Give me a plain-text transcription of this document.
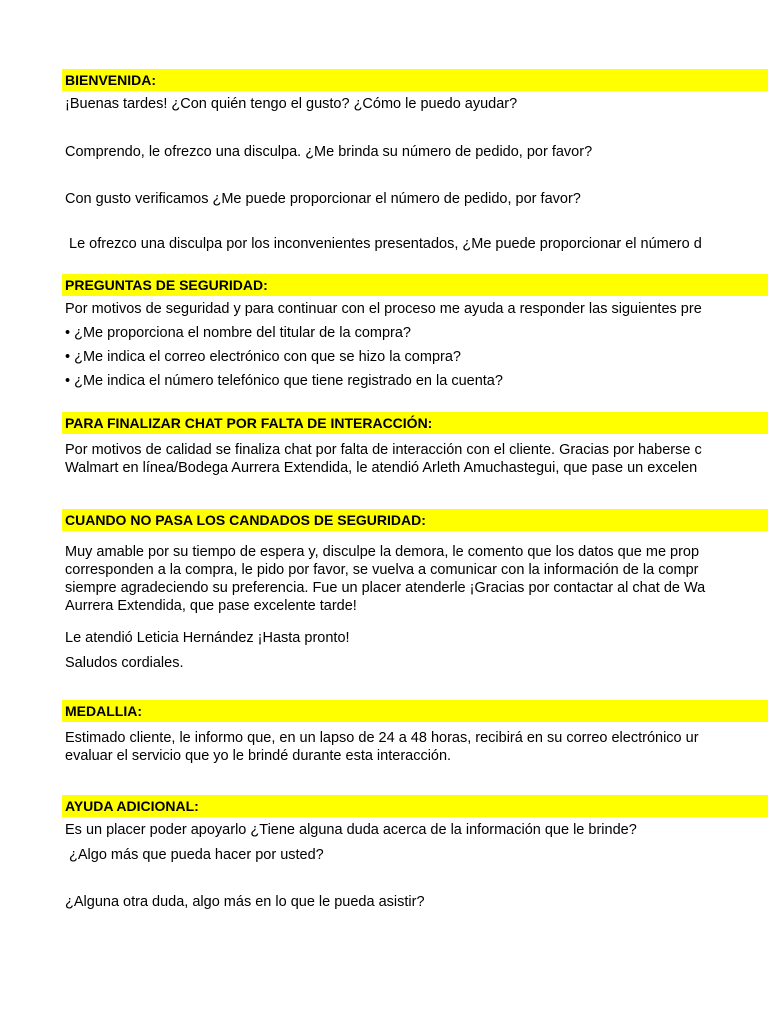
BIENVENIDA:
¡Buenas tardes! ¿Con quién tengo el gusto? ¿Cómo le puedo ayudar?
Comprendo, le ofrezco una disculpa. ¿Me brinda su número de pedido, por favor?
Con gusto verificamos ¿Me puede proporcionar el número de pedido, por favor?
Le ofrezco una disculpa por los inconvenientes presentados, ¿Me puede proporcionar el número d
PREGUNTAS DE SEGURIDAD:
Por motivos de seguridad y para continuar con el proceso me ayuda a responder las siguientes pre
• ¿Me proporciona el nombre del titular de la compra?
• ¿Me indica el correo electrónico con que se hizo la compra?
• ¿Me indica el número telefónico que tiene registrado en la cuenta?
PARA FINALIZAR CHAT POR FALTA DE INTERACCIÓN:
Por motivos de calidad se finaliza chat por falta de interacción con el cliente. Gracias por haberse c
Walmart en línea/Bodega Aurrera Extendida, le atendió Arleth Amuchastegui, que pase un excelen
CUANDO NO PASA LOS CANDADOS DE SEGURIDAD:
Muy amable por su tiempo de espera y, disculpe la demora, le comento que los datos que me prop
corresponden a la compra, le pido por favor, se vuelva a comunicar con la información de la compr
siempre agradeciendo su preferencia. Fue un placer atenderle ¡Gracias por contactar al chat de Wa
Aurrera Extendida, que pase excelente tarde!
Le atendió Leticia Hernández ¡Hasta pronto!
Saludos cordiales.
MEDALLIA:
Estimado cliente, le informo que, en un lapso de 24 a 48 horas, recibirá en su correo electrónico ur
evaluar el servicio que yo le brindé durante esta interacción.
AYUDA ADICIONAL:
Es un placer poder apoyarlo ¿Tiene alguna duda acerca de la información que le brinde?
¿Algo más que pueda hacer por usted?
¿Alguna otra duda, algo más en lo que le pueda asistir?
